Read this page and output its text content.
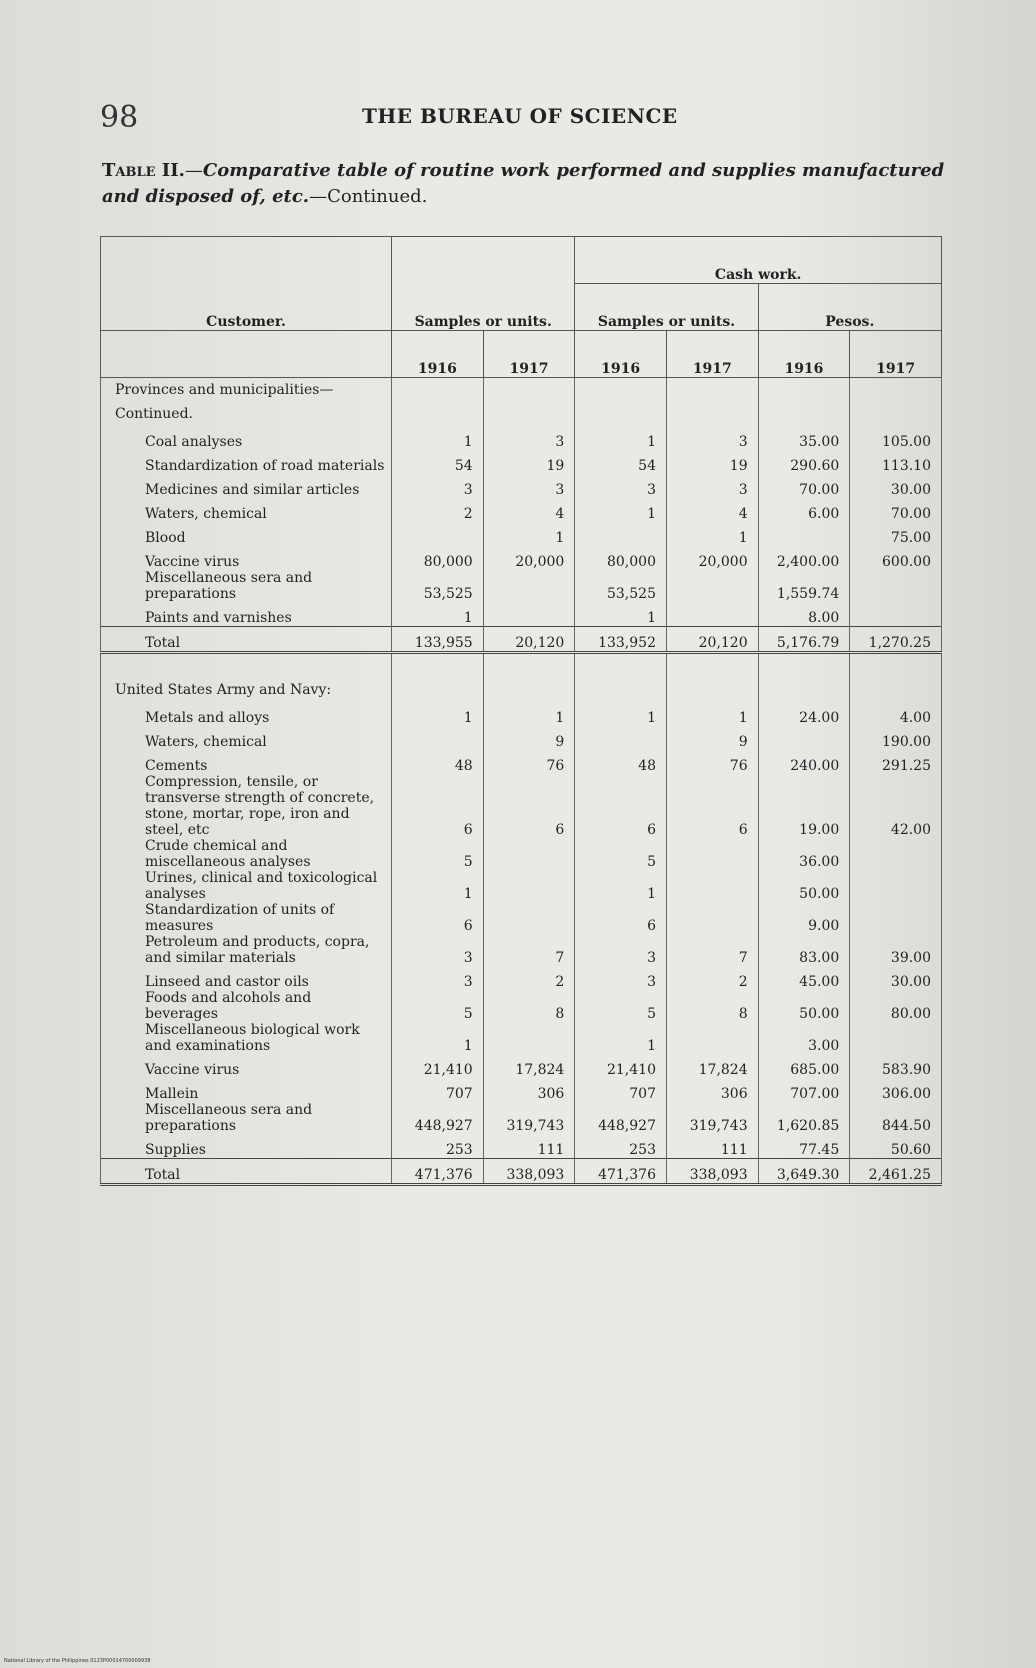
98	THE BUREAU OF SCIENCE
Table II.—Comparative table of routine work performed and supplies manufactured and disposed of, etc.—Continued.
Customer.	Samples or units.		Cash work.			
			Samples or units.		Pesos.	
	1916	1917	1916	1917	1916	1917
Provinces and municipalities—Continued.						
Coal analyses	1	3	1	3	35.00	105.00
Standardization of road materials	54	19	54	19	290.60	113.10
Medicines and similar articles	3	3	3	3	70.00	30.00
Waters, chemical	2	4	1	4	6.00	70.00
Blood		1		1		75.00
Vaccine virus	80,000	20,000	80,000	20,000	2,400.00	600.00
Miscellaneous sera and preparations	53,525		53,525		1,559.74	
Paints and varnishes	1		1		8.00	
Total	133,955	20,120	133,952	20,120	5,176.79	1,270.25
United States Army and Navy:						
Metals and alloys	1	1	1	1	24.00	4.00
Waters, chemical		9		9		190.00
Cements	48	76	48	76	240.00	291.25
Compression, tensile, or transverse strength of concrete, stone, mortar, rope, iron and steel, etc	6	6	6	6	19.00	42.00
Crude chemical and miscellaneous analyses	5		5		36.00	
Urines, clinical and toxicological analyses	1		1		50.00	
Standardization of units of measures	6		6		9.00	
Petroleum and products, copra, and similar materials	3	7	3	7	83.00	39.00
Linseed and castor oils	3	2	3	2	45.00	30.00
Foods and alcohols and beverages	5	8	5	8	50.00	80.00
Miscellaneous biological work and examinations	1		1		3.00	
Vaccine virus	21,410	17,824	21,410	17,824	685.00	583.90
Mallein	707	306	707	306	707.00	306.00
Miscellaneous sera and preparations	448,927	319,743	448,927	319,743	1,620.85	844.50
Supplies	253	111	253	111	77.45	50.60
Total	471,376	338,093	471,376	338,093	3,649.30	2,461.25
National Library of the Philippines 0123P00014700009938
